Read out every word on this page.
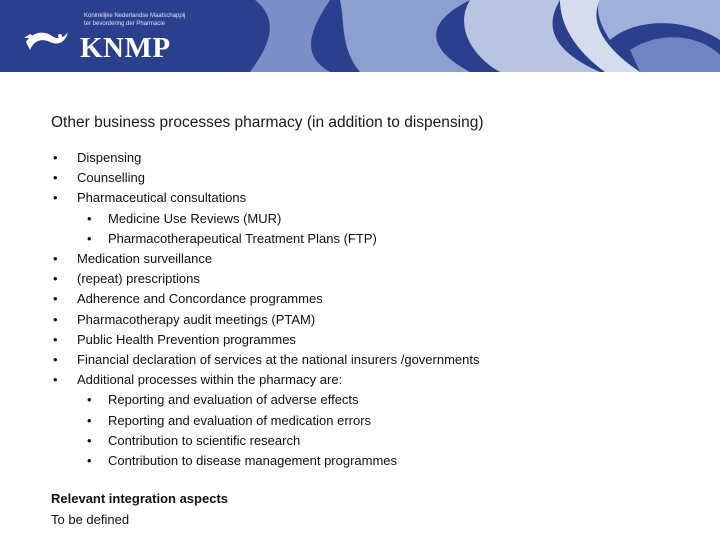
Koninklijke Nederlandse Maatschappij
ter bevordering der Pharmacie
KNMP
Other business processes pharmacy (in addition to dispensing)
•	Dispensing
•	Counselling
•	Pharmaceutical consultations
•	Medicine Use Reviews (MUR)
•	Pharmacotherapeutical Treatment Plans (FTP)
•	Medication surveillance
•	(repeat) prescriptions
•	Adherence and Concordance programmes
•	Pharmacotherapy audit meetings (PTAM)
•	Public Health Prevention programmes
•	Financial declaration of services at the national insurers /governments
•	Additional processes within the pharmacy are:
•	Reporting and evaluation of adverse effects
•	Reporting and evaluation of medication errors
•	Contribution to scientific research
•	Contribution to disease management programmes
Relevant integration aspects
To be defined
